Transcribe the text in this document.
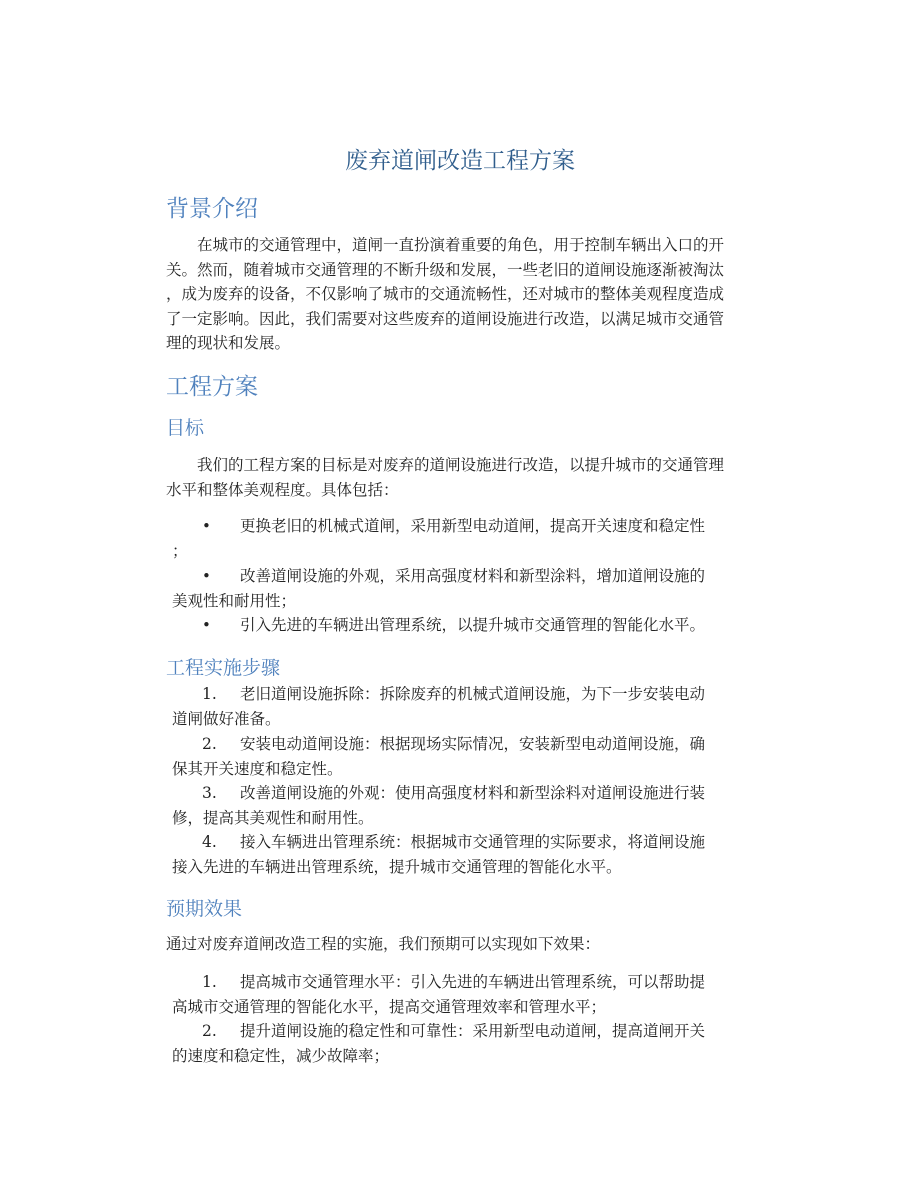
废弃道闸改造工程方案
背景介绍
　　在城市的交通管理中，道闸一直扮演着重要的角色，用于控制车辆出入口的开
关。然而，随着城市交通管理的不断升级和发展，一些老旧的道闸设施逐渐被淘汰
，成为废弃的设备，不仅影响了城市的交通流畅性，还对城市的整体美观程度造成
了一定影响。因此，我们需要对这些废弃的道闸设施进行改造，以满足城市交通管
理的现状和发展。
工程方案
目标
　　我们的工程方案的目标是对废弃的道闸设施进行改造，以提升城市的交通管理
水平和整体美观程度。具体包括：
• 更换老旧的机械式道闸，采用新型电动道闸，提高开关速度和稳定性
；
• 改善道闸设施的外观，采用高强度材料和新型涂料，增加道闸设施的
美观性和耐用性；
• 引入先进的车辆进出管理系统，以提升城市交通管理的智能化水平。
工程实施步骤
1. 老旧道闸设施拆除：拆除废弃的机械式道闸设施，为下一步安装电动
道闸做好准备。
2. 安装电动道闸设施：根据现场实际情况，安装新型电动道闸设施，确
保其开关速度和稳定性。
3. 改善道闸设施的外观：使用高强度材料和新型涂料对道闸设施进行装
修，提高其美观性和耐用性。
4. 接入车辆进出管理系统：根据城市交通管理的实际要求，将道闸设施
接入先进的车辆进出管理系统，提升城市交通管理的智能化水平。
预期效果
通过对废弃道闸改造工程的实施，我们预期可以实现如下效果：
1. 提高城市交通管理水平：引入先进的车辆进出管理系统，可以帮助提
高城市交通管理的智能化水平，提高交通管理效率和管理水平；
2. 提升道闸设施的稳定性和可靠性：采用新型电动道闸，提高道闸开关
的速度和稳定性，减少故障率；
